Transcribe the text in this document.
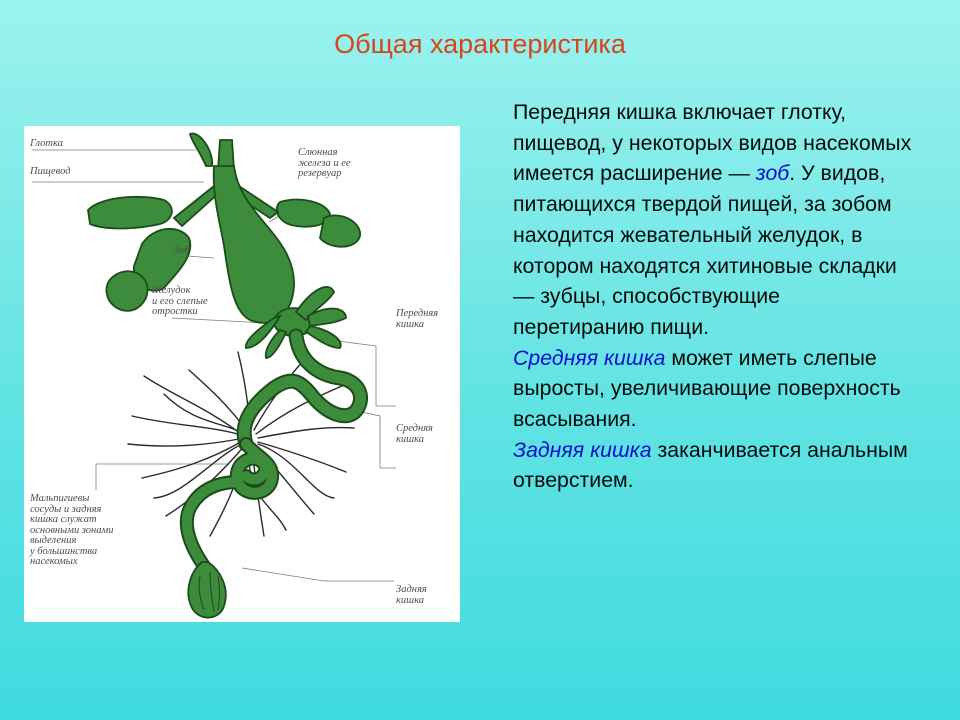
Общая характеристика
Глотка
Пищевод
Слюнная
железа и ее
резервуар
Зоб
Желудок
и его слепые
отростки	Передняя
кишка
Средняя
кишка
Мальпигиевы
сосуды и задняя
кишка служат
основными зонами
выделения
у большинства
насекомых
Задняя
кишка

Передняя кишка включает глотку, пищевод, у некоторых видов насекомых имеется расширение — зоб. У видов, питающихся твердой пищей, за зобом находится жевательный желудок, в котором находятся хитиновые складки — зубцы, способствующие перетиранию пищи.

Средняя кишка может иметь слепые выросты, увеличивающие поверхность всасывания.

Задняя кишка заканчивается анальным отверстием.
